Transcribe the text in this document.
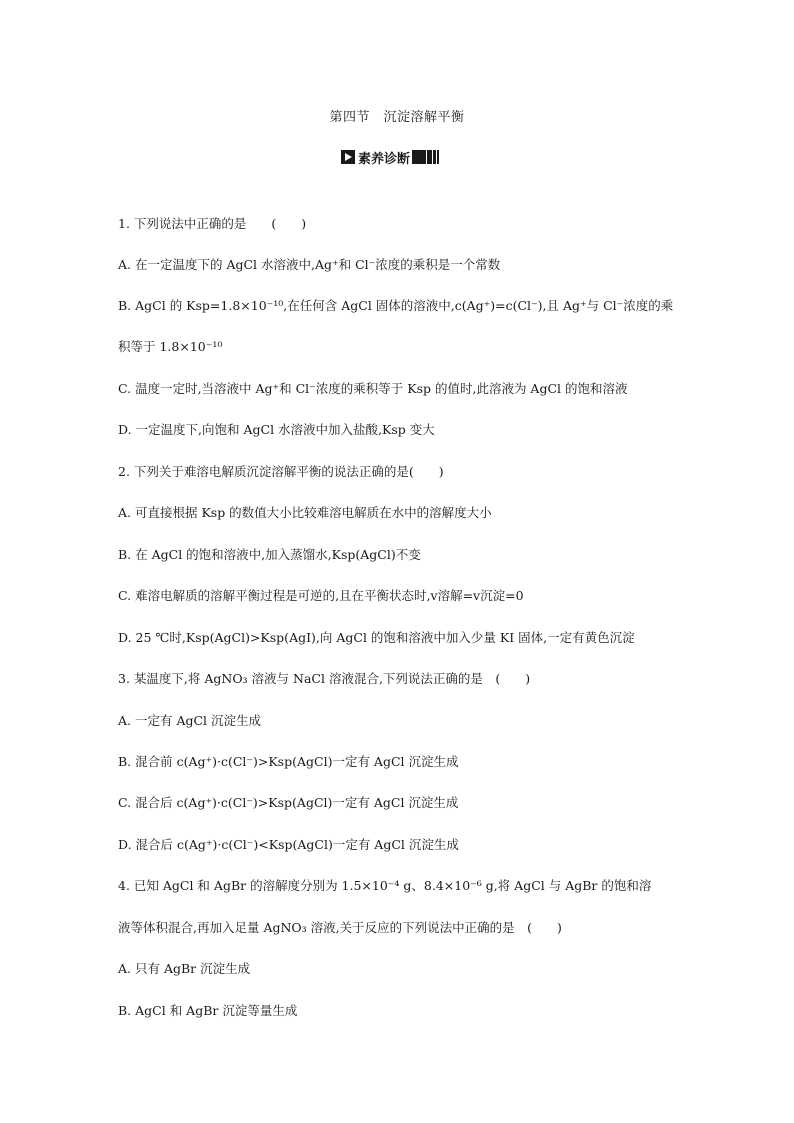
第四节　沉淀溶解平衡
素养诊断
1. 下列说法中正确的是　　(　　)
A. 在一定温度下的 AgCl 水溶液中,Ag⁺和 Cl⁻浓度的乘积是一个常数
B. AgCl 的 Ksp=1.8×10⁻¹⁰,在任何含 AgCl 固体的溶液中,c(Ag⁺)=c(Cl⁻),且 Ag⁺与 Cl⁻浓度的乘
积等于 1.8×10⁻¹⁰
C. 温度一定时,当溶液中 Ag⁺和 Cl⁻浓度的乘积等于 Ksp 的值时,此溶液为 AgCl 的饱和溶液
D. 一定温度下,向饱和 AgCl 水溶液中加入盐酸,Ksp 变大
2. 下列关于难溶电解质沉淀溶解平衡的说法正确的是(　　)
A. 可直接根据 Ksp 的数值大小比较难溶电解质在水中的溶解度大小
B. 在 AgCl 的饱和溶液中,加入蒸馏水,Ksp(AgCl)不变
C. 难溶电解质的溶解平衡过程是可逆的,且在平衡状态时,v溶解=v沉淀=0
D. 25 ℃时,Ksp(AgCl)>Ksp(AgI),向 AgCl 的饱和溶液中加入少量 KI 固体,一定有黄色沉淀
3. 某温度下,将 AgNO₃ 溶液与 NaCl 溶液混合,下列说法正确的是　(　　)
A. 一定有 AgCl 沉淀生成
B. 混合前 c(Ag⁺)·c(Cl⁻)>Ksp(AgCl)一定有 AgCl 沉淀生成
C. 混合后 c(Ag⁺)·c(Cl⁻)>Ksp(AgCl)一定有 AgCl 沉淀生成
D. 混合后 c(Ag⁺)·c(Cl⁻)<Ksp(AgCl)一定有 AgCl 沉淀生成
4. 已知 AgCl 和 AgBr 的溶解度分别为 1.5×10⁻⁴ g、8.4×10⁻⁶ g,将 AgCl 与 AgBr 的饱和溶
液等体积混合,再加入足量 AgNO₃ 溶液,关于反应的下列说法中正确的是　(　　)
A. 只有 AgBr 沉淀生成
B. AgCl 和 AgBr 沉淀等量生成
